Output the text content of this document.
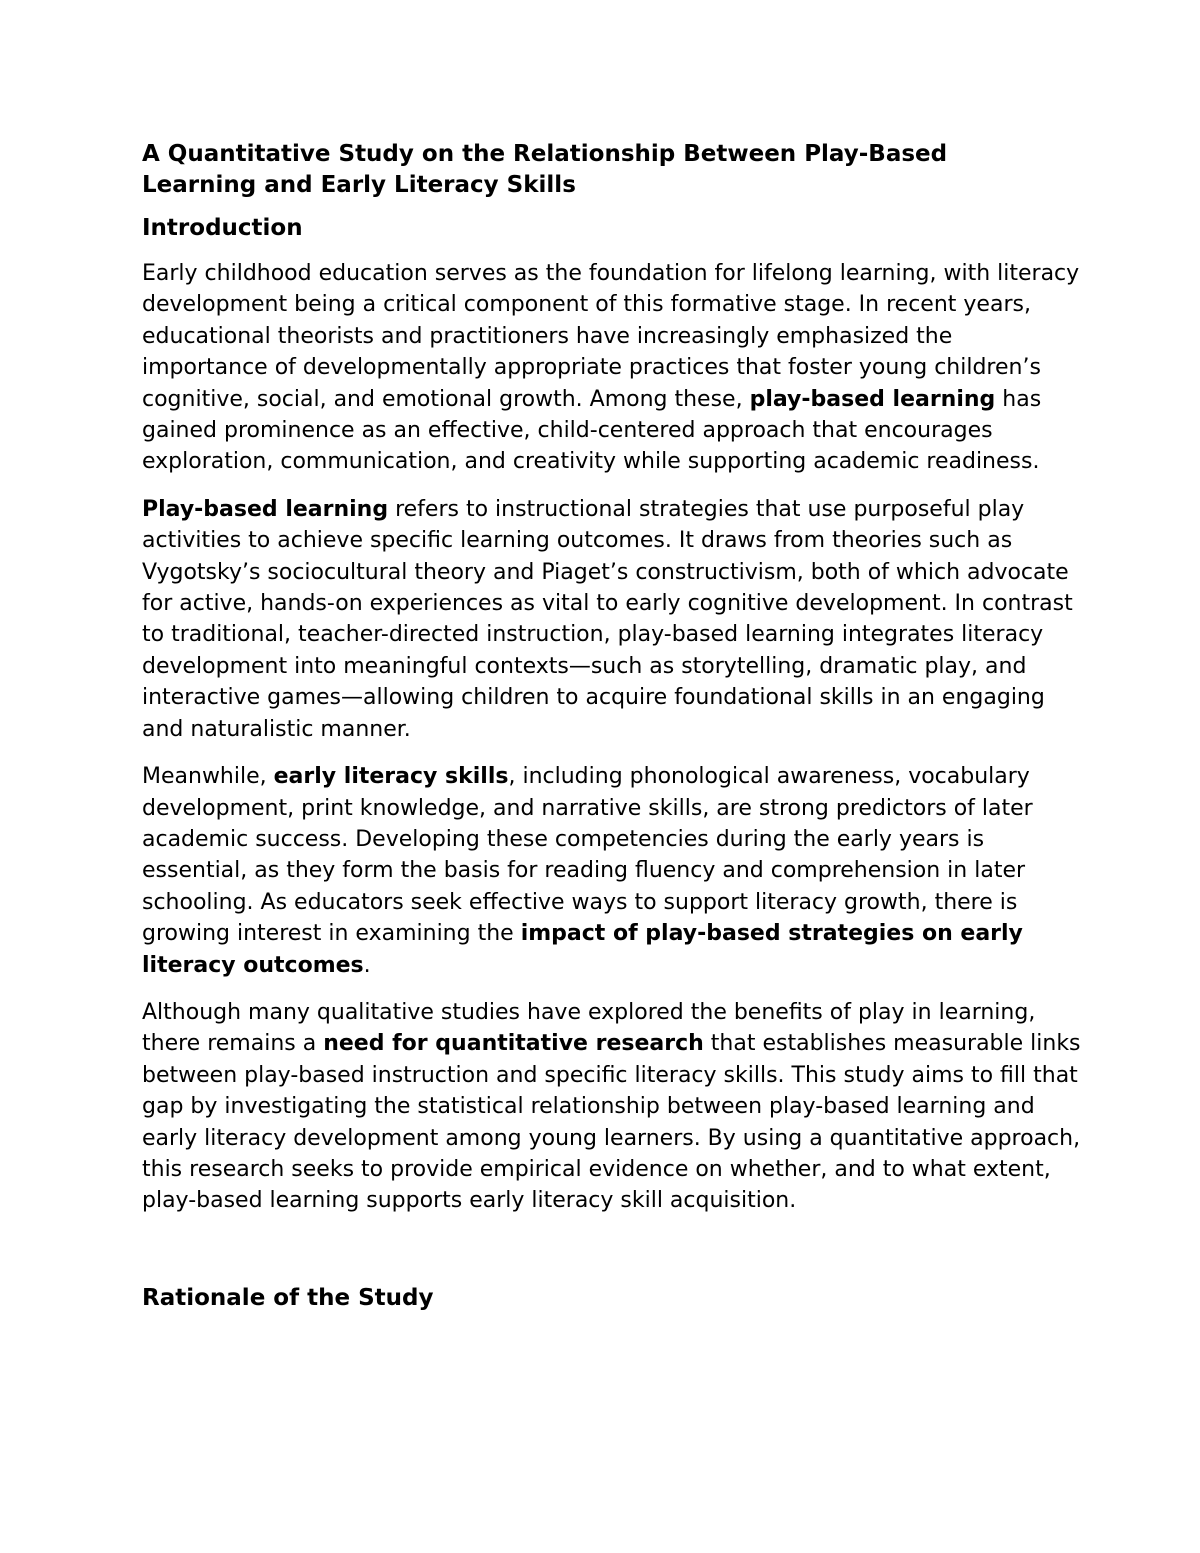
A Quantitative Study on the Relationship Between Play-Based Learning and Early Literacy Skills
Introduction
Early childhood education serves as the foundation for lifelong learning, with literacy development being a critical component of this formative stage. In recent years, educational theorists and practitioners have increasingly emphasized the importance of developmentally appropriate practices that foster young children’s cognitive, social, and emotional growth. Among these, play-based learning has gained prominence as an effective, child-centered approach that encourages exploration, communication, and creativity while supporting academic readiness.
Play-based learning refers to instructional strategies that use purposeful play activities to achieve specific learning outcomes. It draws from theories such as Vygotsky’s sociocultural theory and Piaget’s constructivism, both of which advocate for active, hands-on experiences as vital to early cognitive development. In contrast to traditional, teacher-directed instruction, play-based learning integrates literacy development into meaningful contexts—such as storytelling, dramatic play, and interactive games—allowing children to acquire foundational skills in an engaging and naturalistic manner.
Meanwhile, early literacy skills, including phonological awareness, vocabulary development, print knowledge, and narrative skills, are strong predictors of later academic success. Developing these competencies during the early years is essential, as they form the basis for reading fluency and comprehension in later schooling. As educators seek effective ways to support literacy growth, there is growing interest in examining the impact of play-based strategies on early literacy outcomes.
Although many qualitative studies have explored the benefits of play in learning, there remains a need for quantitative research that establishes measurable links between play-based instruction and specific literacy skills. This study aims to fill that gap by investigating the statistical relationship between play-based learning and early literacy development among young learners. By using a quantitative approach, this research seeks to provide empirical evidence on whether, and to what extent, play-based learning supports early literacy skill acquisition.
Rationale of the Study
